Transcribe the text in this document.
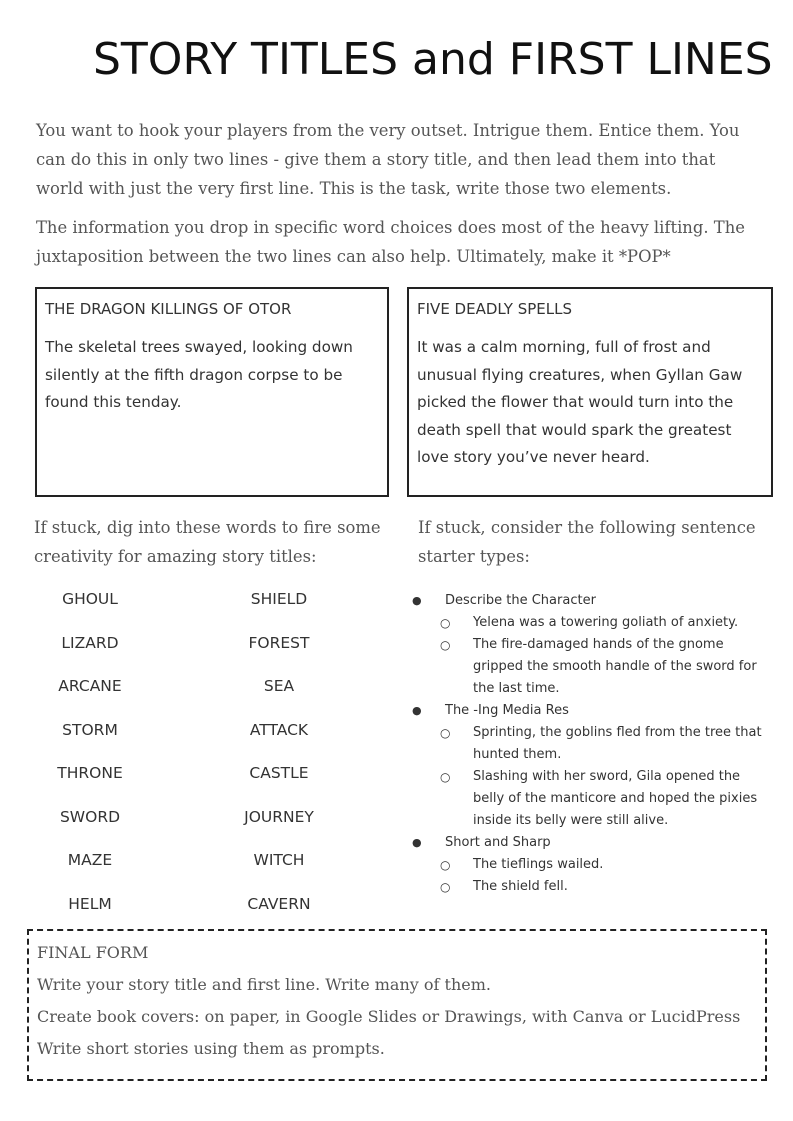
STORY TITLES and FIRST LINES
You want to hook your players from the very outset. Intrigue them. Entice them. You can do this in only two lines - give them a story title, and then lead them into that world with just the very first line. This is the task, write those two elements.
The information you drop in specific word choices does most of the heavy lifting. The juxtaposition between the two lines can also help. Ultimately, make it *POP*
THE DRAGON KILLINGS OF OTOR
The skeletal trees swayed, looking down
silently at the fifth dragon corpse to be
found this tenday.
FIVE DEADLY SPELLS
It was a calm morning, full of frost and
unusual flying creatures, when Gyllan Gaw
picked the flower that would turn into the
death spell that would spark the greatest
love story you’ve never heard.
If stuck, dig into these words to fire some
creativity for amazing story titles:
If stuck, consider the following sentence
starter types:
GHOUL
LIZARD
ARCANE
STORM
THRONE
SWORD
MAZE
HELM
SHIELD
FOREST
SEA
ATTACK
CASTLE
JOURNEY
WITCH
CAVERN
● Describe the Character
○ Yelena was a towering goliath of anxiety.
○ The fire-damaged hands of the gnome
gripped the smooth handle of the sword for
the last time.
● The -Ing Media Res
○ Sprinting, the goblins fled from the tree that
hunted them.
○ Slashing with her sword, Gila opened the
belly of the manticore and hoped the pixies
inside its belly were still alive.
● Short and Sharp
○ The tieflings wailed.
○ The shield fell.
FINAL FORM
Write your story title and first line. Write many of them.
Create book covers: on paper, in Google Slides or Drawings, with Canva or LucidPress
Write short stories using them as prompts.
